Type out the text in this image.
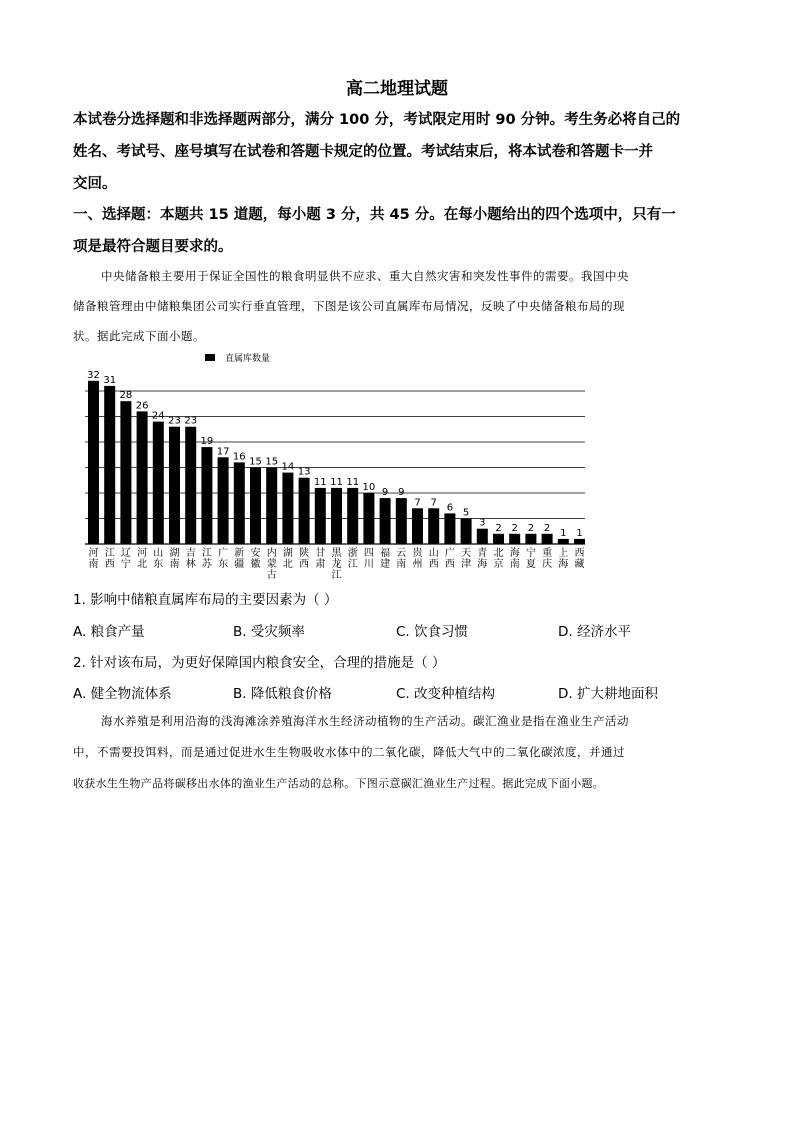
高二地理试题
本试卷分选择题和非选择题两部分，满分 100 分，考试限定用时 90 分钟。考生务必将自己的
姓名、考试号、座号填写在试卷和答题卡规定的位置。考试结束后，将本试卷和答题卡一并
交回。
一、选择题：本题共 15 道题，每小题 3 分，共 45 分。在每小题给出的四个选项中，只有一
项是最符合题目要求的。
中央储备粮主要用于保证全国性的粮食明显供不应求、重大自然灾害和突发性事件的需要。我国中央
储备粮管理由中储粮集团公司实行垂直管理，下图是该公司直属库布局情况，反映了中央储备粮布局的现
状。据此完成下面小题。
直属库数量
32
河
南
31
江
西
28
辽
宁
26
河
北
24
山
东
23
湖
南
23
吉
林
19
江
苏
17
广
东
16
新
疆
15
安
徽
15
内
蒙
古
14
湖
北
13
陕
西
11
甘
肃
11
黑
龙
江
11
浙
江
10
四
川
9
福
建
9
云
南
7
贵
州
7
山
西
6
广
西
5
天
津
3
青
海
2
北
京
2
海
南
2
宁
夏
2
重
庆
1
上
海
1
西
藏
1. 影响中储粮直属库布局的主要因素为（ ）
A. 粮食产量	B. 受灾频率	C. 饮食习惯	D. 经济水平
2. 针对该布局，为更好保障国内粮食安全，合理的措施是（ ）
A. 健全物流体系	B. 降低粮食价格	C. 改变种植结构	D. 扩大耕地面积
海水养殖是利用沿海的浅海滩涂养殖海洋水生经济动植物的生产活动。碳汇渔业是指在渔业生产活动
中，不需要投饵料，而是通过促进水生生物吸收水体中的二氧化碳，降低大气中的二氧化碳浓度，并通过
收获水生生物产品将碳移出水体的渔业生产活动的总称。下图示意碳汇渔业生产过程。据此完成下面小题。
